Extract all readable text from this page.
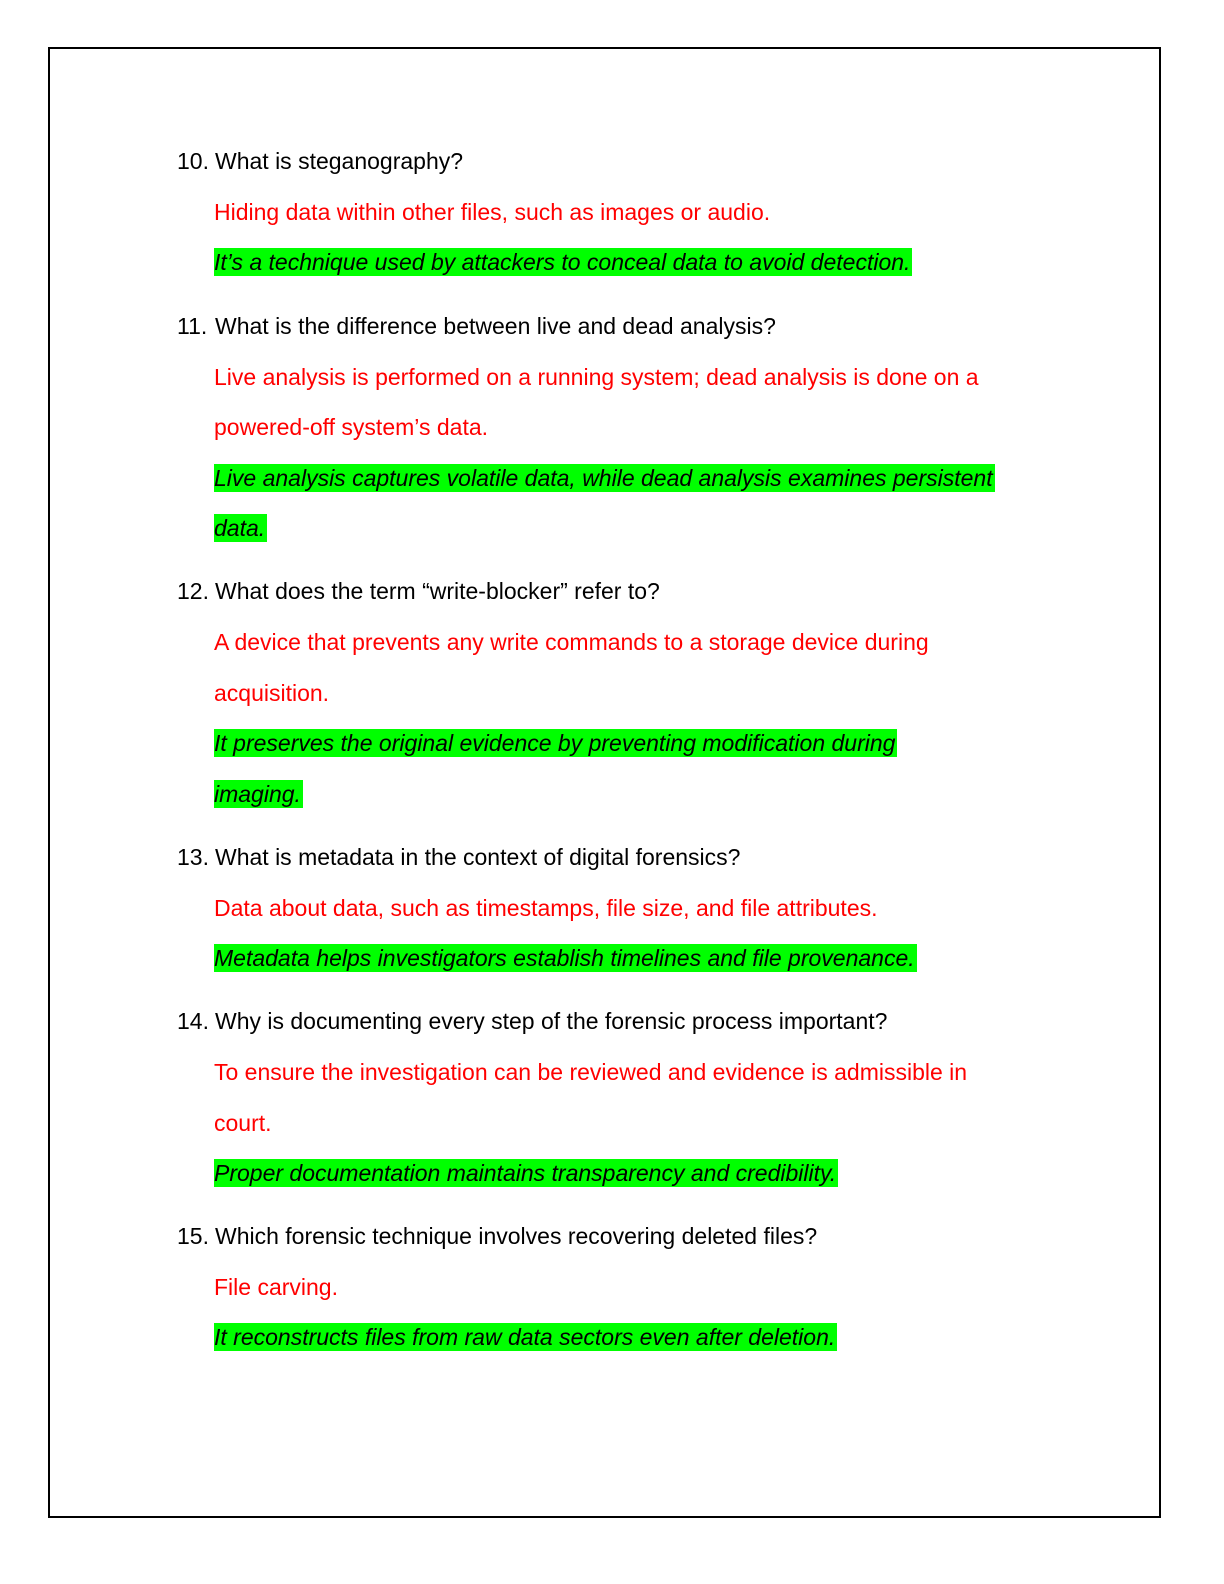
10. What is steganography?
Hiding data within other files, such as images or audio.
It’s a technique used by attackers to conceal data to avoid detection.
11. What is the difference between live and dead analysis?
Live analysis is performed on a running system; dead analysis is done on a
powered-off system’s data.
Live analysis captures volatile data, while dead analysis examines persistent
data.
12. What does the term “write-blocker” refer to?
A device that prevents any write commands to a storage device during
acquisition.
It preserves the original evidence by preventing modification during
imaging.
13. What is metadata in the context of digital forensics?
Data about data, such as timestamps, file size, and file attributes.
Metadata helps investigators establish timelines and file provenance.
14. Why is documenting every step of the forensic process important?
To ensure the investigation can be reviewed and evidence is admissible in
court.
Proper documentation maintains transparency and credibility.
15. Which forensic technique involves recovering deleted files?
File carving.
It reconstructs files from raw data sectors even after deletion.
